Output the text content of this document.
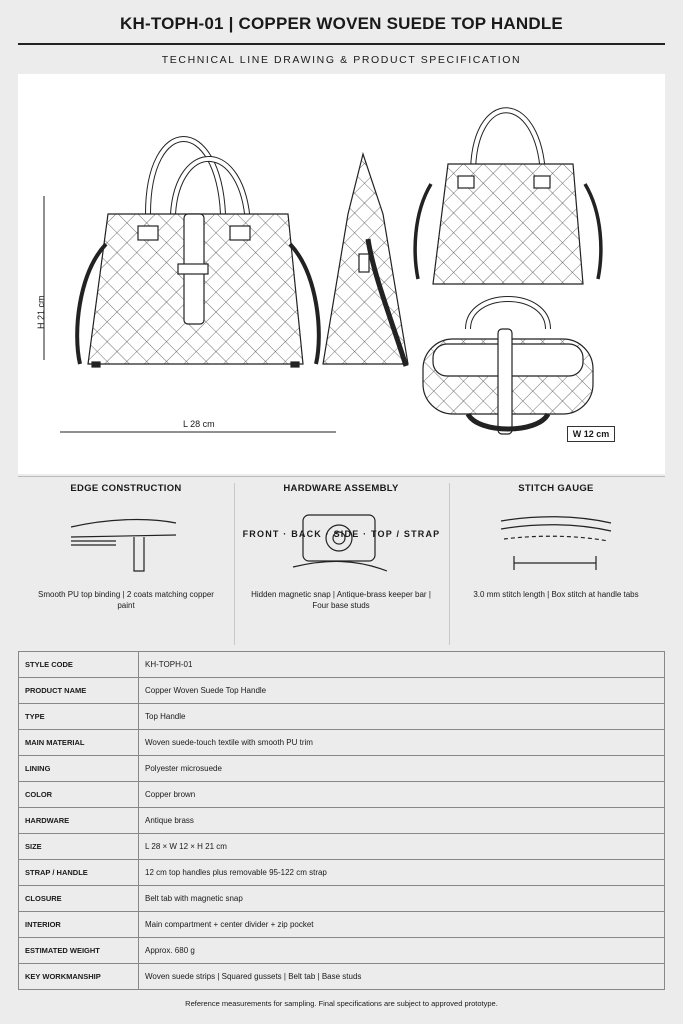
KH-TOPH-01 | COPPER WOVEN SUEDE TOP HANDLE
TECHNICAL LINE DRAWING & PRODUCT SPECIFICATION
H 21 cm
L 28 cm
W 12 cm
FRONT · BACK · SIDE · TOP / STRAP
EDGE CONSTRUCTION

Smooth PU top binding | 2 coats matching copper paint

HARDWARE ASSEMBLY

Hidden magnetic snap | Antique-brass keeper bar | Four base studs

STITCH GAUGE

3.0 mm stitch length | Box stitch at handle tabs

STYLE CODE	KH-TOPH-01
PRODUCT NAME	Copper Woven Suede Top Handle
TYPE	Top Handle
MAIN MATERIAL	Woven suede-touch textile with smooth PU trim
LINING	Polyester microsuede
COLOR	Copper brown
HARDWARE	Antique brass
SIZE	L 28 × W 12 × H 21 cm
STRAP / HANDLE	12 cm top handles plus removable 95-122 cm strap
CLOSURE	Belt tab with magnetic snap
INTERIOR	Main compartment + center divider + zip pocket
ESTIMATED WEIGHT	Approx. 680 g
KEY WORKMANSHIP	Woven suede strips | Squared gussets | Belt tab | Base studs
Reference measurements for sampling. Final specifications are subject to approved prototype.
